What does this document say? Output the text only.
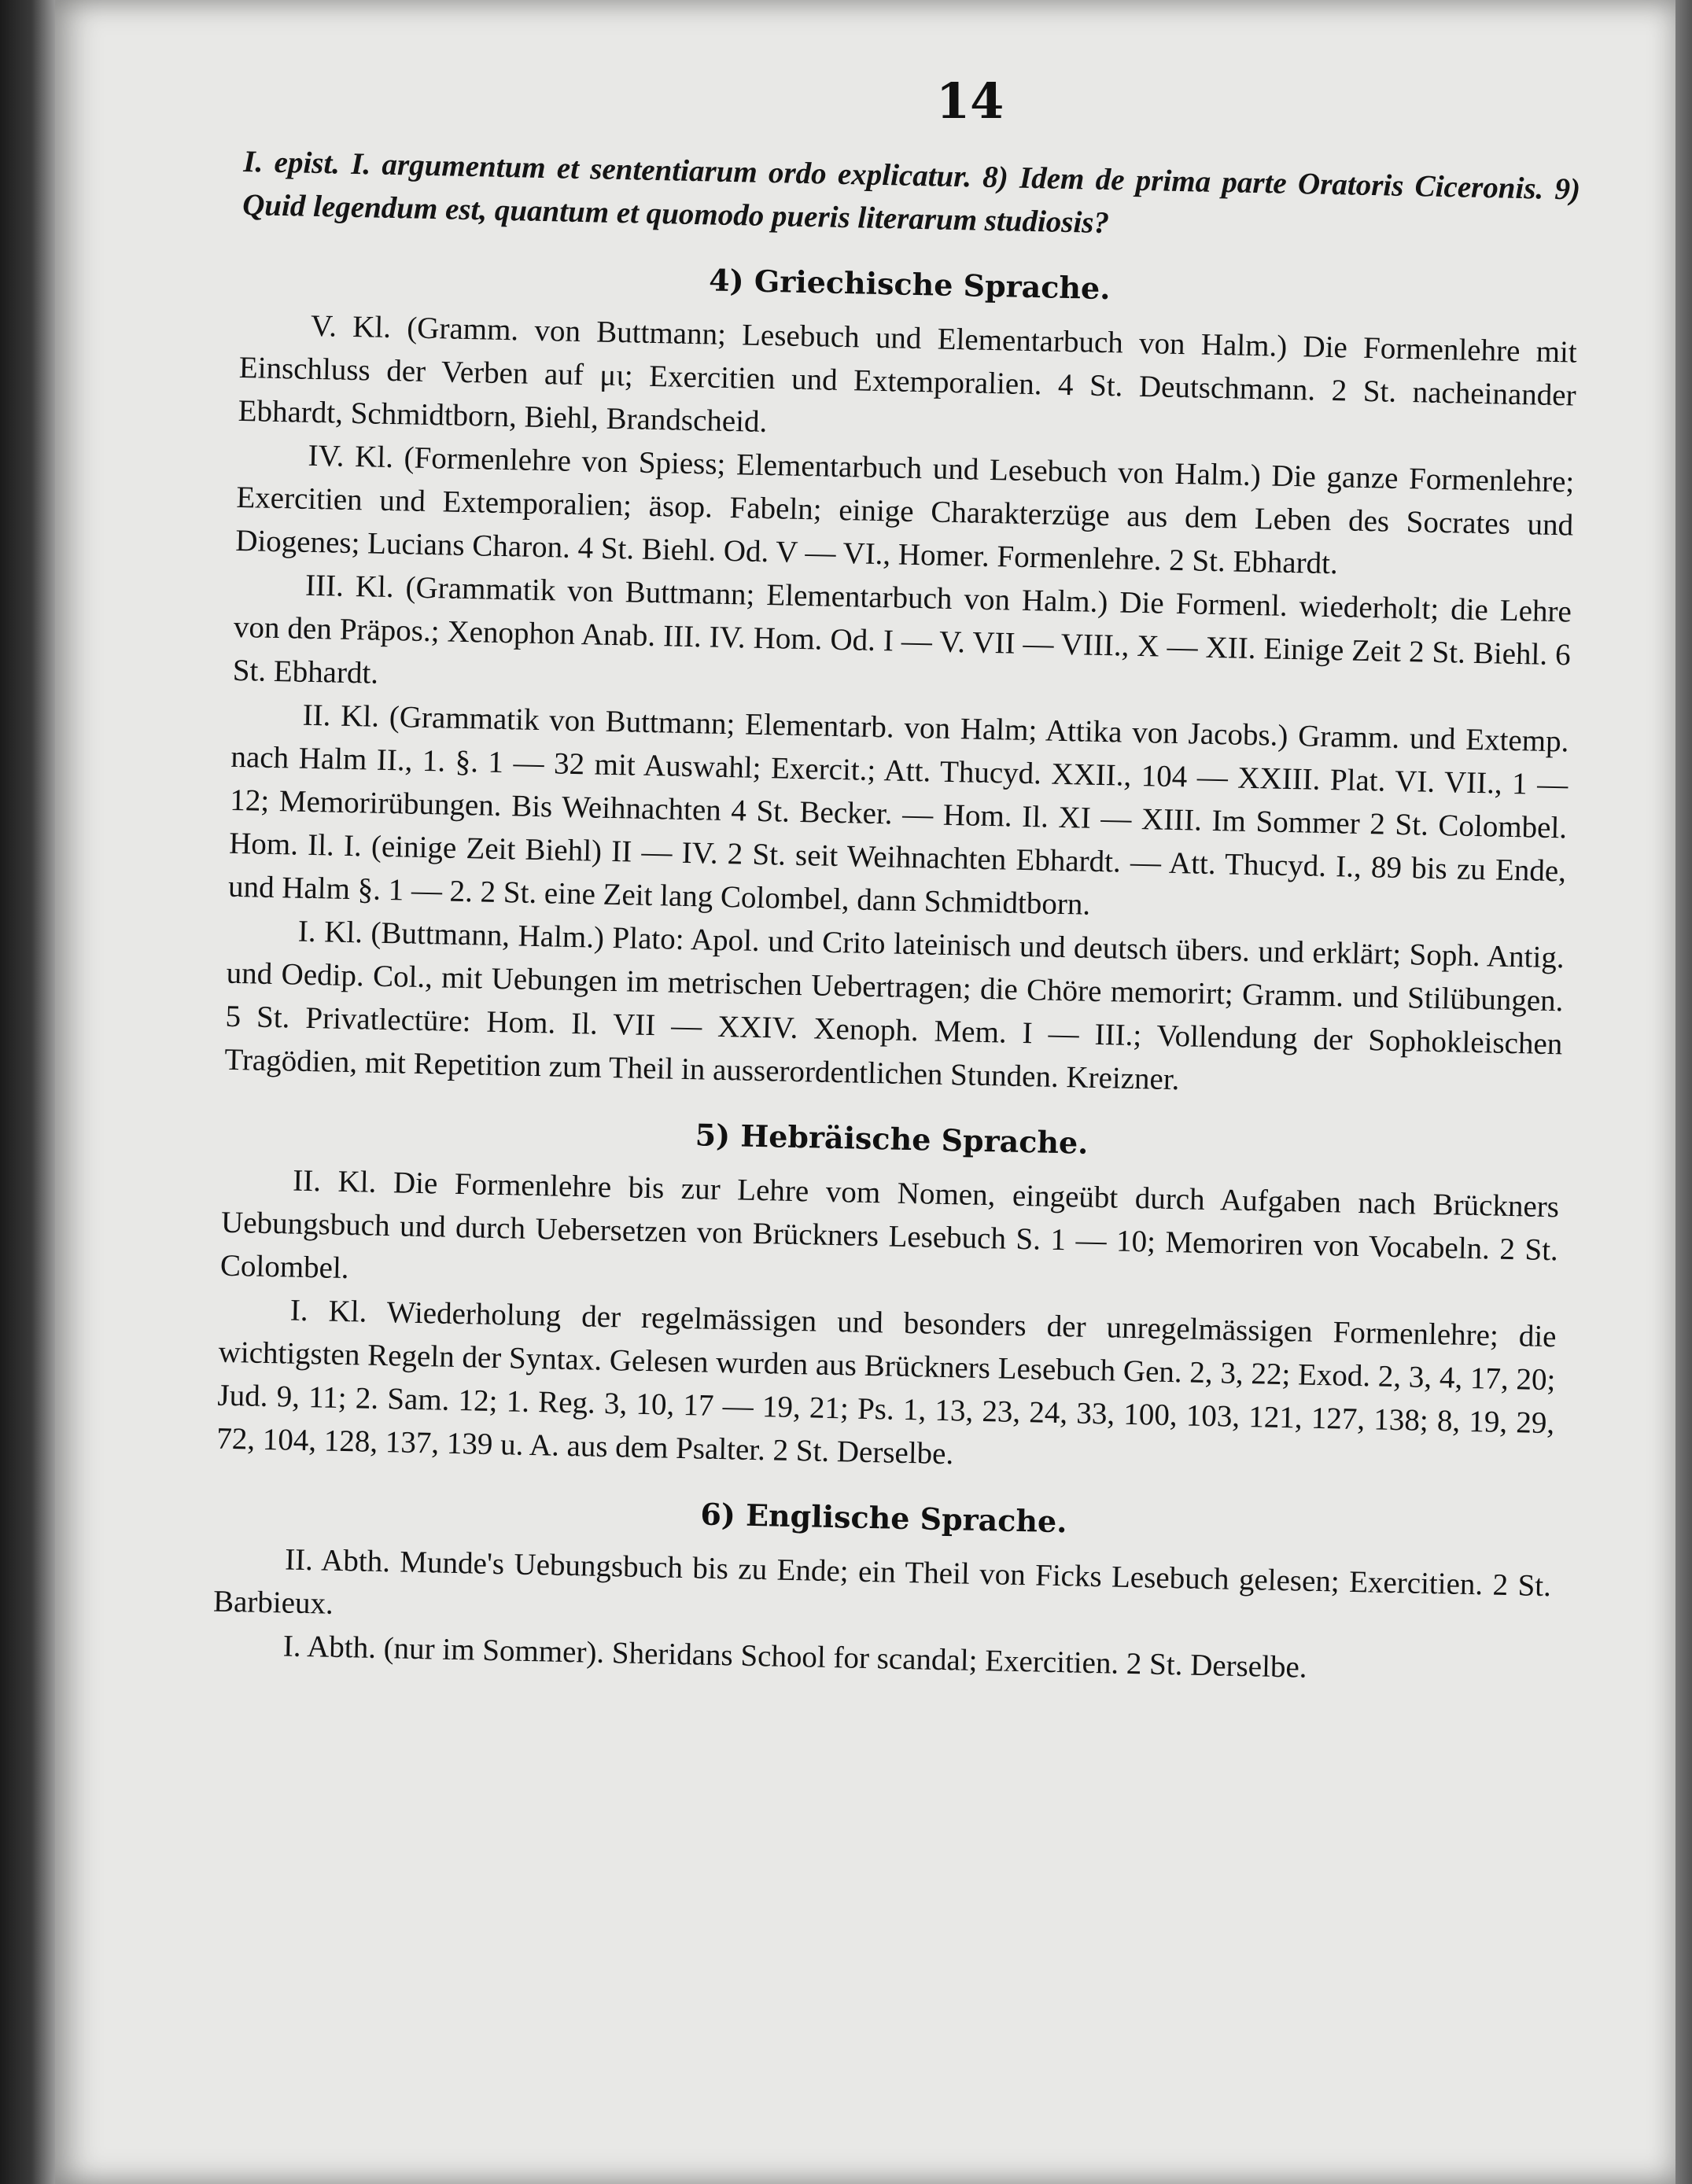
14

I. epist. I. argumentum et sententiarum ordo explicatur. 8) Idem de prima parte Oratoris Ciceronis. 9) Quid legendum est, quantum et quomodo pueris literarum studiosis?

4) Griechische Sprache.

V. Kl. (Gramm. von Buttmann; Lesebuch und Elementarbuch von Halm.) Die Formenlehre mit Einschluss der Verben auf μι; Exercitien und Extemporalien. 4 St. Deutschmann. 2 St. nacheinander Ebhardt, Schmidtborn, Biehl, Brandscheid.

IV. Kl. (Formenlehre von Spiess; Elementarbuch und Lesebuch von Halm.) Die ganze Formenlehre; Exercitien und Extemporalien; äsop. Fabeln; einige Charakterzüge aus dem Leben des Socrates und Diogenes; Lucians Charon. 4 St. Biehl. Od. V — VI., Homer. Formenlehre. 2 St. Ebhardt.

III. Kl. (Grammatik von Buttmann; Elementarbuch von Halm.) Die Formenl. wiederholt; die Lehre von den Präpos.; Xenophon Anab. III. IV. Hom. Od. I — V. VII — VIII., X — XII. Einige Zeit 2 St. Biehl. 6 St. Ebhardt.

II. Kl. (Grammatik von Buttmann; Elementarb. von Halm; Attika von Jacobs.) Gramm. und Extemp. nach Halm II., 1. §. 1 — 32 mit Auswahl; Exercit.; Att. Thucyd. XXII., 104 — XXIII. Plat. VI. VII., 1 — 12; Memorirübungen. Bis Weihnachten 4 St. Becker. — Hom. Il. XI — XIII. Im Sommer 2 St. Colombel. Hom. Il. I. (einige Zeit Biehl) II — IV. 2 St. seit Weihnachten Ebhardt. — Att. Thucyd. I., 89 bis zu Ende, und Halm §. 1 — 2. 2 St. eine Zeit lang Colombel, dann Schmidtborn.

I. Kl. (Buttmann, Halm.) Plato: Apol. und Crito lateinisch und deutsch übers. und erklärt; Soph. Antig. und Oedip. Col., mit Uebungen im metrischen Uebertragen; die Chöre memorirt; Gramm. und Stilübungen. 5 St. Privatlectüre: Hom. Il. VII — XXIV. Xenoph. Mem. I — III.; Vollendung der Sophokleischen Tragödien, mit Repetition zum Theil in ausserordentlichen Stunden. Kreizner.

5) Hebräische Sprache.

II. Kl. Die Formenlehre bis zur Lehre vom Nomen, eingeübt durch Aufgaben nach Brückners Uebungsbuch und durch Uebersetzen von Brückners Lesebuch S. 1 — 10; Memoriren von Vocabeln. 2 St. Colombel.

I. Kl. Wiederholung der regelmässigen und besonders der unregelmässigen Formenlehre; die wichtigsten Regeln der Syntax. Gelesen wurden aus Brückners Lesebuch Gen. 2, 3, 22; Exod. 2, 3, 4, 17, 20; Jud. 9, 11; 2. Sam. 12; 1. Reg. 3, 10, 17 — 19, 21; Ps. 1, 13, 23, 24, 33, 100, 103, 121, 127, 138; 8, 19, 29, 72, 104, 128, 137, 139 u. A. aus dem Psalter. 2 St. Derselbe.

6) Englische Sprache.

II. Abth. Munde's Uebungsbuch bis zu Ende; ein Theil von Ficks Lesebuch gelesen; Exercitien. 2 St. Barbieux.

I. Abth. (nur im Sommer). Sheridans School for scandal; Exercitien. 2 St. Derselbe.
